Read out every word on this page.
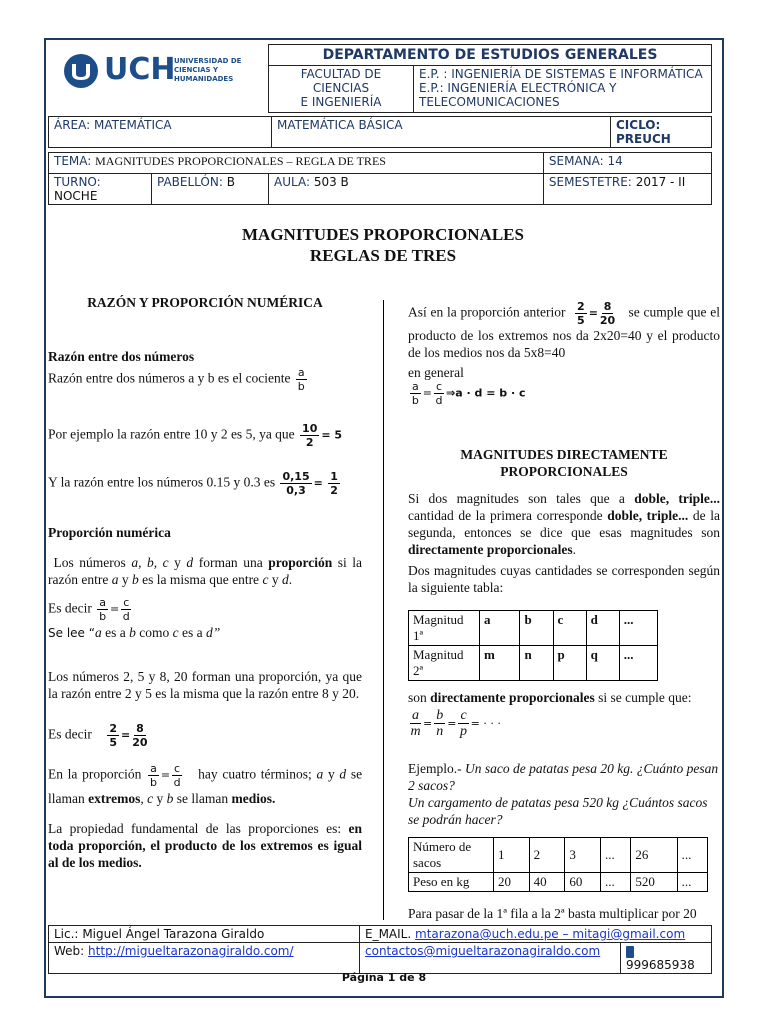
UCH
UNIVERSIDAD DE
CIENCIAS Y
HUMANIDADES
DEPARTAMENTO DE ESTUDIOS GENERALES

FACULTAD DE CIENCIAS
E INGENIERÍA

E.P. : INGENIERÍA DE SISTEMAS E INFORMÁTICA
E.P.: INGENIERÍA ELECTRÓNICA Y
TELECOMUNICACIONES
ÁREA: MATEMÁTICA	MATEMÁTICA BÁSICA	CICLO: PREUCH
TEMA: MAGNITUDES PROPORCIONALES – REGLA DE TRES			SEMANA: 14
TURNO: NOCHE	PABELLÓN: B	AULA: 503 B	SEMESTETRE: 2017 - II
MAGNITUDES PROPORCIONALES
REGLAS DE TRES
RAZÓN Y PROPORCIÓN NUMÉRICA
Razón entre dos números
Razón entre dos números a y b es el cociente $\frac{a}{b}$
Por ejemplo la razón entre 10 y 2 es 5, ya que $\frac{10}{2} = 5$
Y la razón entre los números 0.15 y 0.3 es $\frac{0,15}{0,3} = \frac{1}{2}$
Proporción numérica
Los números a, b, c y d forman una proporción si la razón entre a y b es la misma que entre c y d.
Es decir $\frac{a}{b} = \frac{c}{d}$
Se lee “a es a b como c es a d”
Los números 2, 5 y 8, 20 forman una proporción, ya que la razón entre 2 y 5 es la misma que la razón entre 8 y 20.
Es decir $\frac{2}{5} = \frac{8}{20}$
En la proporción $\frac{a}{b} = \frac{c}{d}$ hay cuatro términos; a y d se llaman extremos, c y b se llaman medios.
La propiedad fundamental de las proporciones es: en toda proporción, el producto de los extremos es igual al de los medios.
Así en la proporción anterior $\frac{2}{5} = \frac{8}{20}$ se cumple que el producto de los extremos nos da 2x20=40 y el producto de los medios nos da 5x8=40
en general
$\frac{a}{b} = \frac{c}{d}$ ⇒a · d = b · c
MAGNITUDES DIRECTAMENTE
PROPORCIONALES
Si dos magnitudes son tales que a doble, triple... cantidad de la primera corresponde doble, triple... de la segunda, entonces se dice que esas magnitudes son directamente proporcionales.
Dos magnitudes cuyas cantidades se corresponden según la siguiente tabla:
Magnitud 1ª	a	b	c	d	...
Magnitud 2ª	m	n	p	q	...
son directamente proporcionales si se cumple que:
$\frac{a}{m} = \frac{b}{n} = \frac{c}{p}$ = · · ·
Ejemplo.- Un saco de patatas pesa 20 kg. ¿Cuánto pesan 2 sacos?
Un cargamento de patatas pesa 520 kg ¿Cuántos sacos se podrán hacer?
Número de sacos	1	2	3	...	26	...
Peso en kg	20	40	60	...	520	...
Para pasar de la 1ª fila a la 2ª basta multiplicar por 20
Lic.: Miguel Ángel Tarazona Giraldo	E_MAIL. mtarazona@uch.edu.pe – mitagi@gmail.com	
Web: http://migueltarazonagiraldo.com/	contactos@migueltarazonagiraldo.com	999685938
Página 1 de 8
